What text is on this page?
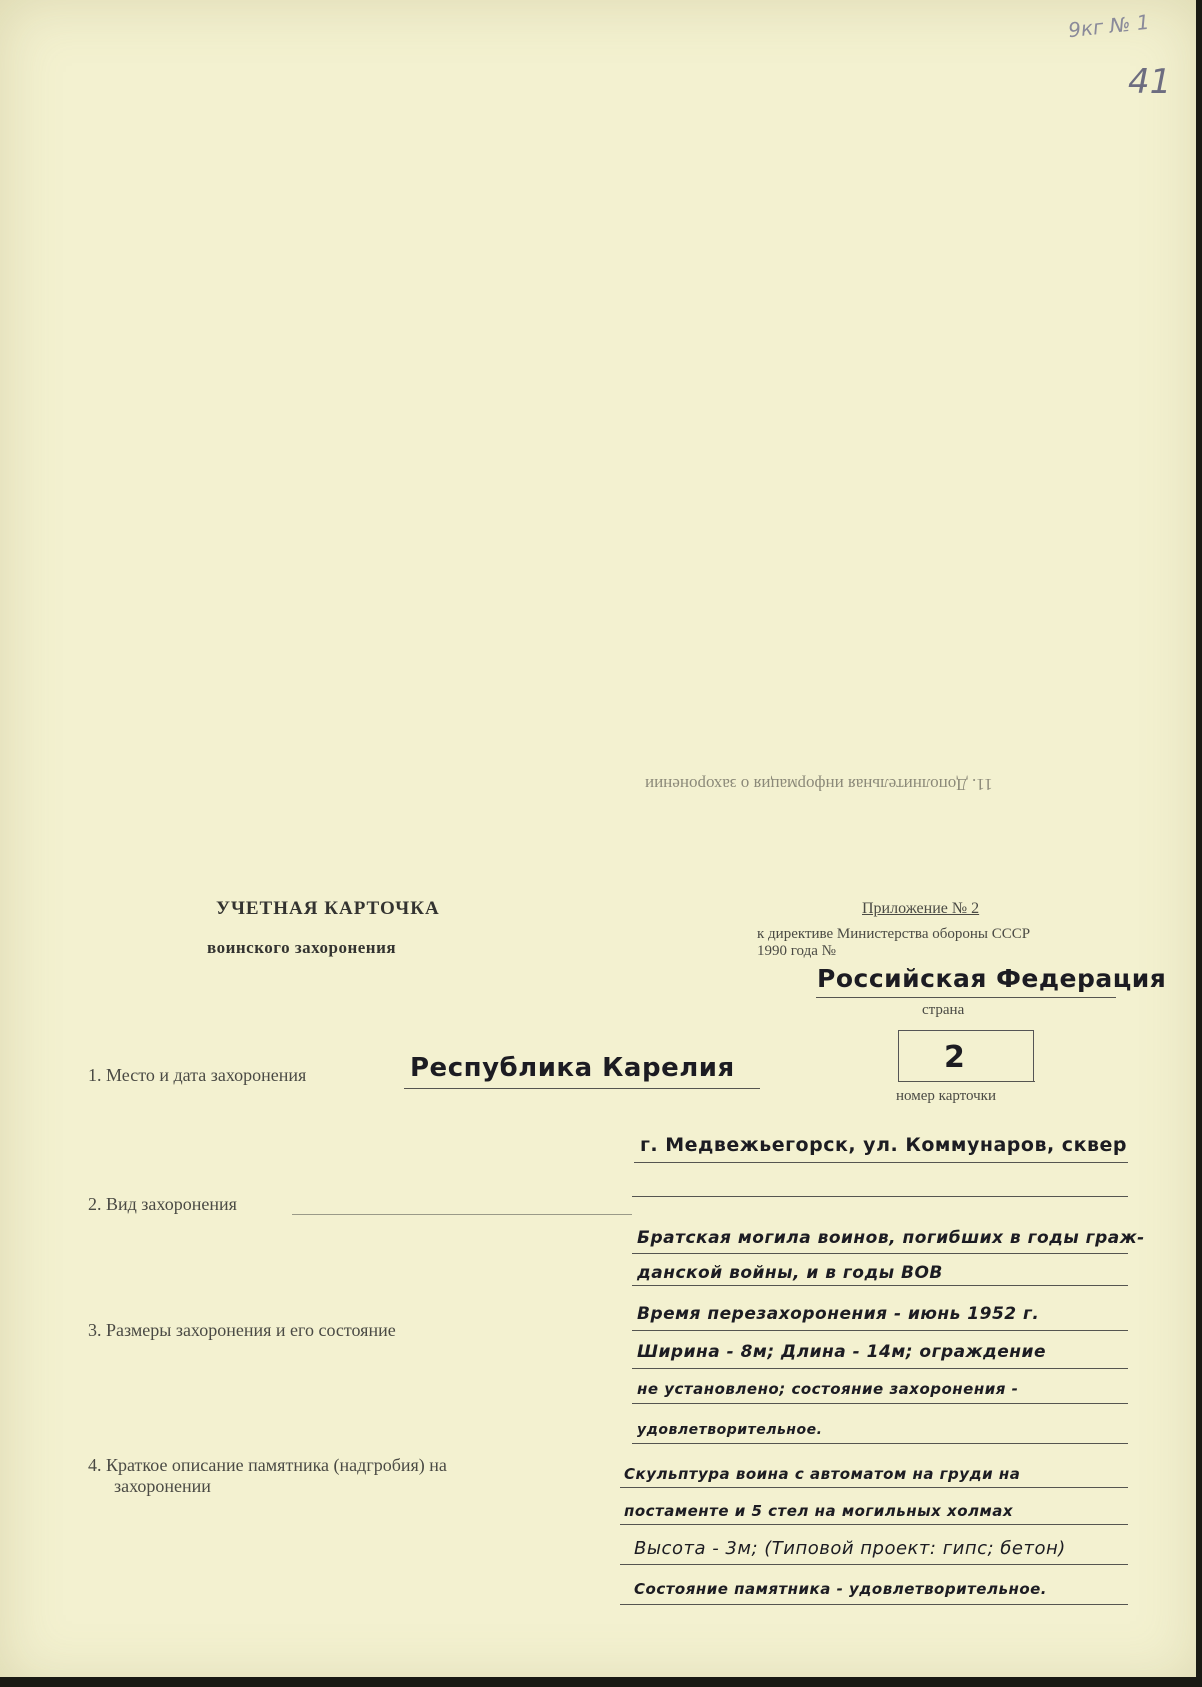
9кг № 1
41
11. Дополнительная информация о захоронении
УЧЕТНАЯ КАРТОЧКА
воинского захоронения
Приложение № 2
к директиве Министерства обороны СССР
1990 года №
Российская Федерация
страна
2
номер карточки
1. Место и дата захоронения	Республика Карелия
г. Медвежьегорск, ул. Коммунаров, сквер
2. Вид захоронения
Братская могила воинов, погибших в годы граж-
данской войны, и в годы ВОВ
3. Размеры захоронения и его состояние
Время перезахоронения - июнь 1952 г.
Ширина - 8м; Длина - 14м; ограждение
не установлено; состояние захоронения -
удовлетворительное.
4. Краткое описание памятника (надгробия) на
захоронении
Скульптура воина с автоматом на груди на
постаменте и 5 стел на могильных холмах
Высота - 3м; (Типовой проект: гипс; бетон)
Состояние памятника - удовлетворительное.
